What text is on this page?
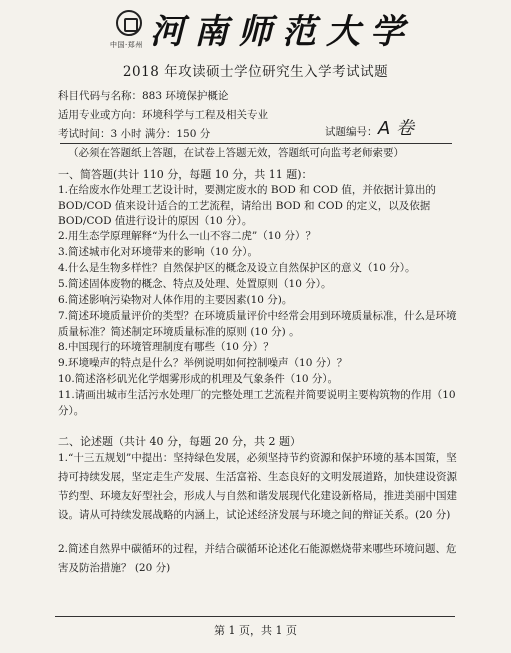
中国·郑州 河南师范大学
2018 年攻读硕士学位研究生入学考试试题
科目代码与名称：883 环境保护概论
适用专业或方向：环境科学与工程及相关专业
考试时间：3 小时 满分：150 分	试题编号： A 卷
（必须在答题纸上答题，在试卷上答题无效，答题纸可向监考老师索要）
一、简答题(共计 110 分，每题 10 分，共 11 题)：
1.在给废水作处理工艺设计时，要测定废水的 BOD 和 COD 值，并依据计算出的 BOD/COD 值来设计适合的工艺流程，请给出 BOD 和 COD 的定义，以及依据 BOD/COD 值进行设计的原因（10 分）。
2.用生态学原理解释“为什么一山不容二虎”（10 分）？
3.简述城市化对环境带来的影响（10 分）。
4.什么是生物多样性？自然保护区的概念及设立自然保护区的意义（10 分）。
5.简述固体废物的概念、特点及处理、处置原则（10 分）。
6.简述影响污染物对人体作用的主要因素(10 分)。
7.简述环境质量评价的类型？在环境质量评价中经常会用到环境质量标准，什么是环境质量标准？简述制定环境质量标准的原则 (10 分) 。
8.中国现行的环境管理制度有哪些（10 分）？
9.环境噪声的特点是什么？举例说明如何控制噪声（10 分）？
10.简述洛杉矶光化学烟雾形成的机理及气象条件（10 分）。
11.请画出城市生活污水处理厂的完整处理工艺流程并简要说明主要构筑物的作用（10 分）。
二、论述题（共计 40 分，每题 20 分，共 2 题）
1.“十三五规划”中提出：坚持绿色发展，必须坚持节约资源和保护环境的基本国策，坚持可持续发展，坚定走生产发展、生活富裕、生态良好的文明发展道路，加快建设资源节约型、环境友好型社会，形成人与自然和谐发展现代化建设新格局，推进美丽中国建设。请从可持续发展战略的内涵上，试论述经济发展与环境之间的辩证关系。(20 分)
2.简述自然界中碳循环的过程，并结合碳循环论述化石能源燃烧带来哪些环境问题、危害及防治措施？ (20 分)
第 1 页，共 1 页
